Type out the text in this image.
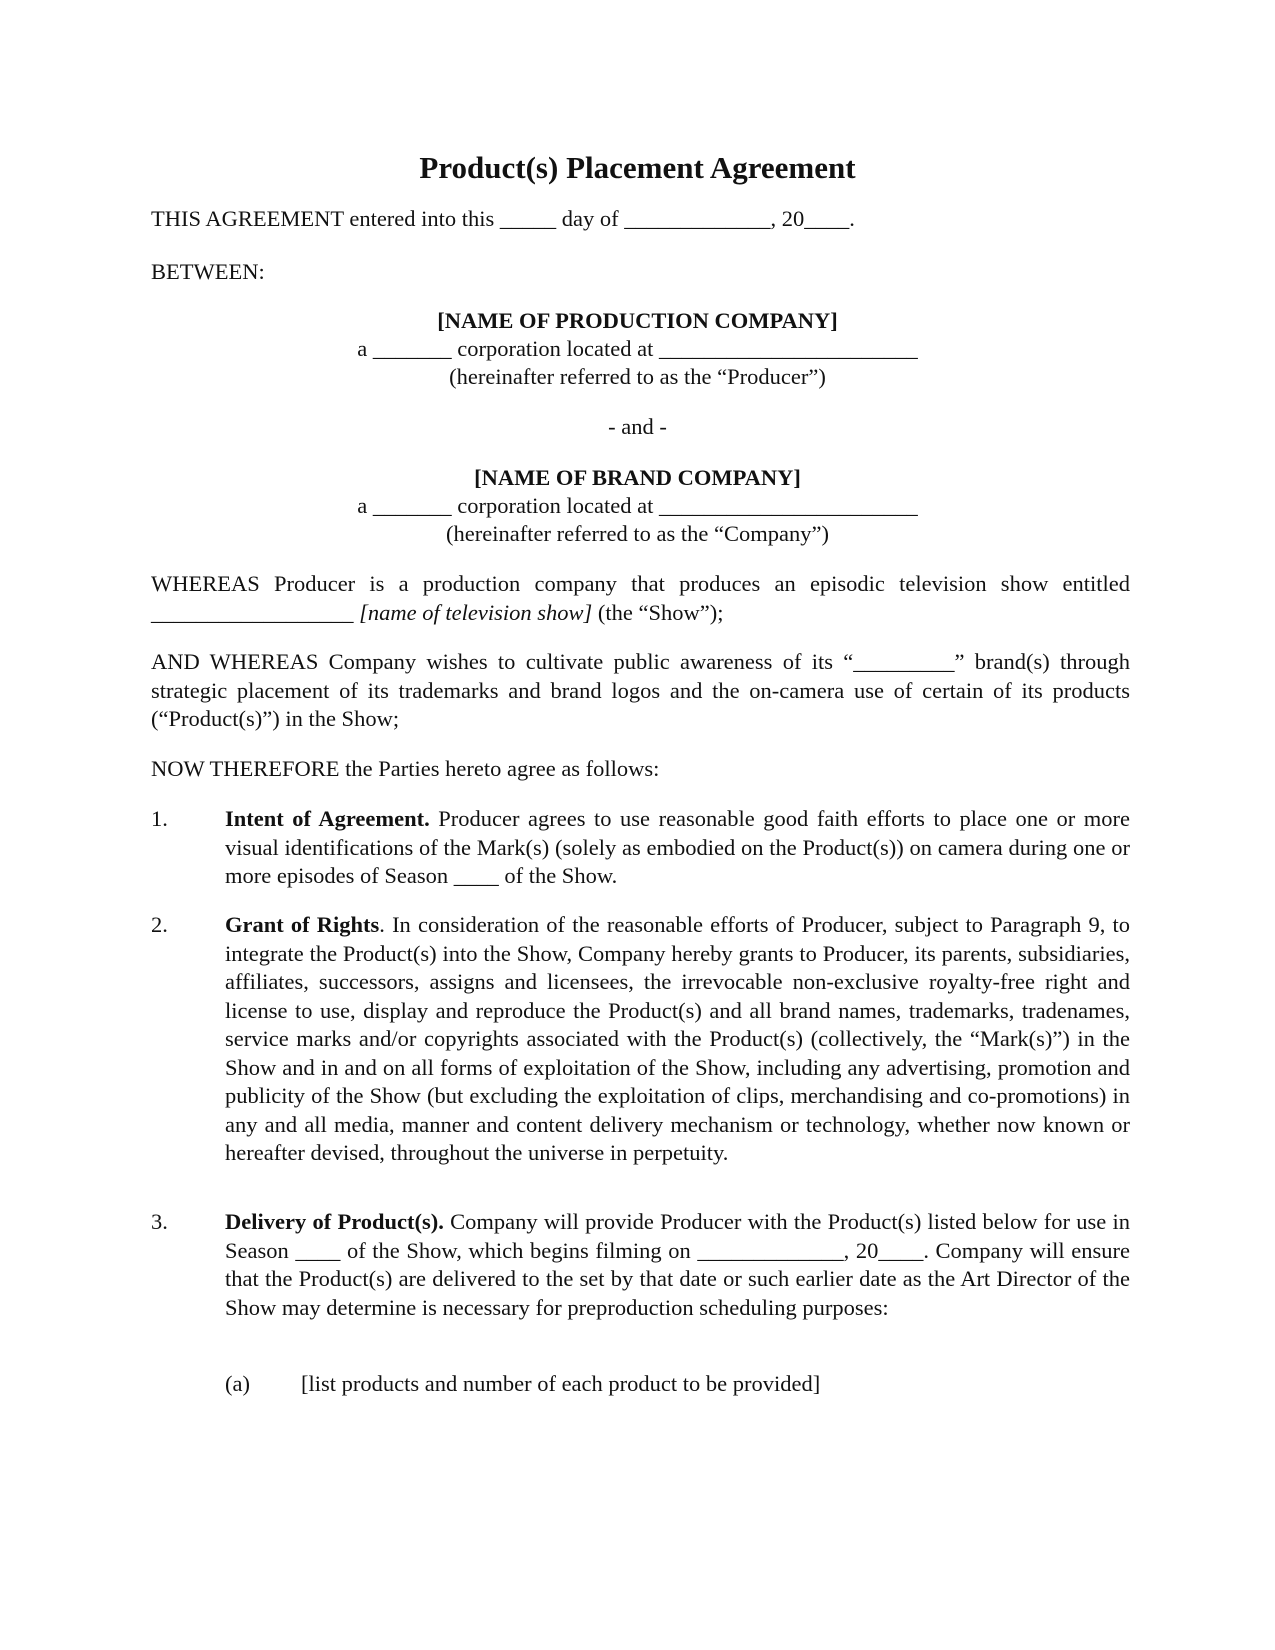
Product(s) Placement Agreement
THIS AGREEMENT entered into this _____ day of _____________, 20____.
BETWEEN:
[NAME OF PRODUCTION COMPANY]
a _______ corporation located at _______________________
(hereinafter referred to as the “Producer”)
- and -
[NAME OF BRAND COMPANY]
a _______ corporation located at _______________________
(hereinafter referred to as the “Company”)
WHEREAS Producer is a production company that produces an episodic television show entitled __________________ [name of television show] (the “Show”);
AND WHEREAS Company wishes to cultivate public awareness of its “_________” brand(s) through strategic placement of its trademarks and brand logos and the on-camera use of certain of its products (“Product(s)”) in the Show;
NOW THEREFORE the Parties hereto agree as follows:
1.	Intent of Agreement. Producer agrees to use reasonable good faith efforts to place one or more visual identifications of the Mark(s) (solely as embodied on the Product(s)) on camera during one or more episodes of Season ____ of the Show.
2.	Grant of Rights. In consideration of the reasonable efforts of Producer, subject to Paragraph 9, to integrate the Product(s) into the Show, Company hereby grants to Producer, its parents, subsidiaries, affiliates, successors, assigns and licensees, the irrevocable non-exclusive royalty-free right and license to use, display and reproduce the Product(s) and all brand names, trademarks, tradenames, service marks and/or copyrights associated with the Product(s) (collectively, the “Mark(s)”) in the Show and in and on all forms of exploitation of the Show, including any advertising, promotion and publicity of the Show (but excluding the exploitation of clips, merchandising and co-promotions) in any and all media, manner and content delivery mechanism or technology, whether now known or hereafter devised, throughout the universe in perpetuity.
3.	Delivery of Product(s). Company will provide Producer with the Product(s) listed below for use in Season ____ of the Show, which begins filming on _____________, 20____. Company will ensure that the Product(s) are delivered to the set by that date or such earlier date as the Art Director of the Show may determine is necessary for preproduction scheduling purposes:
(a) [list products and number of each product to be provided]
